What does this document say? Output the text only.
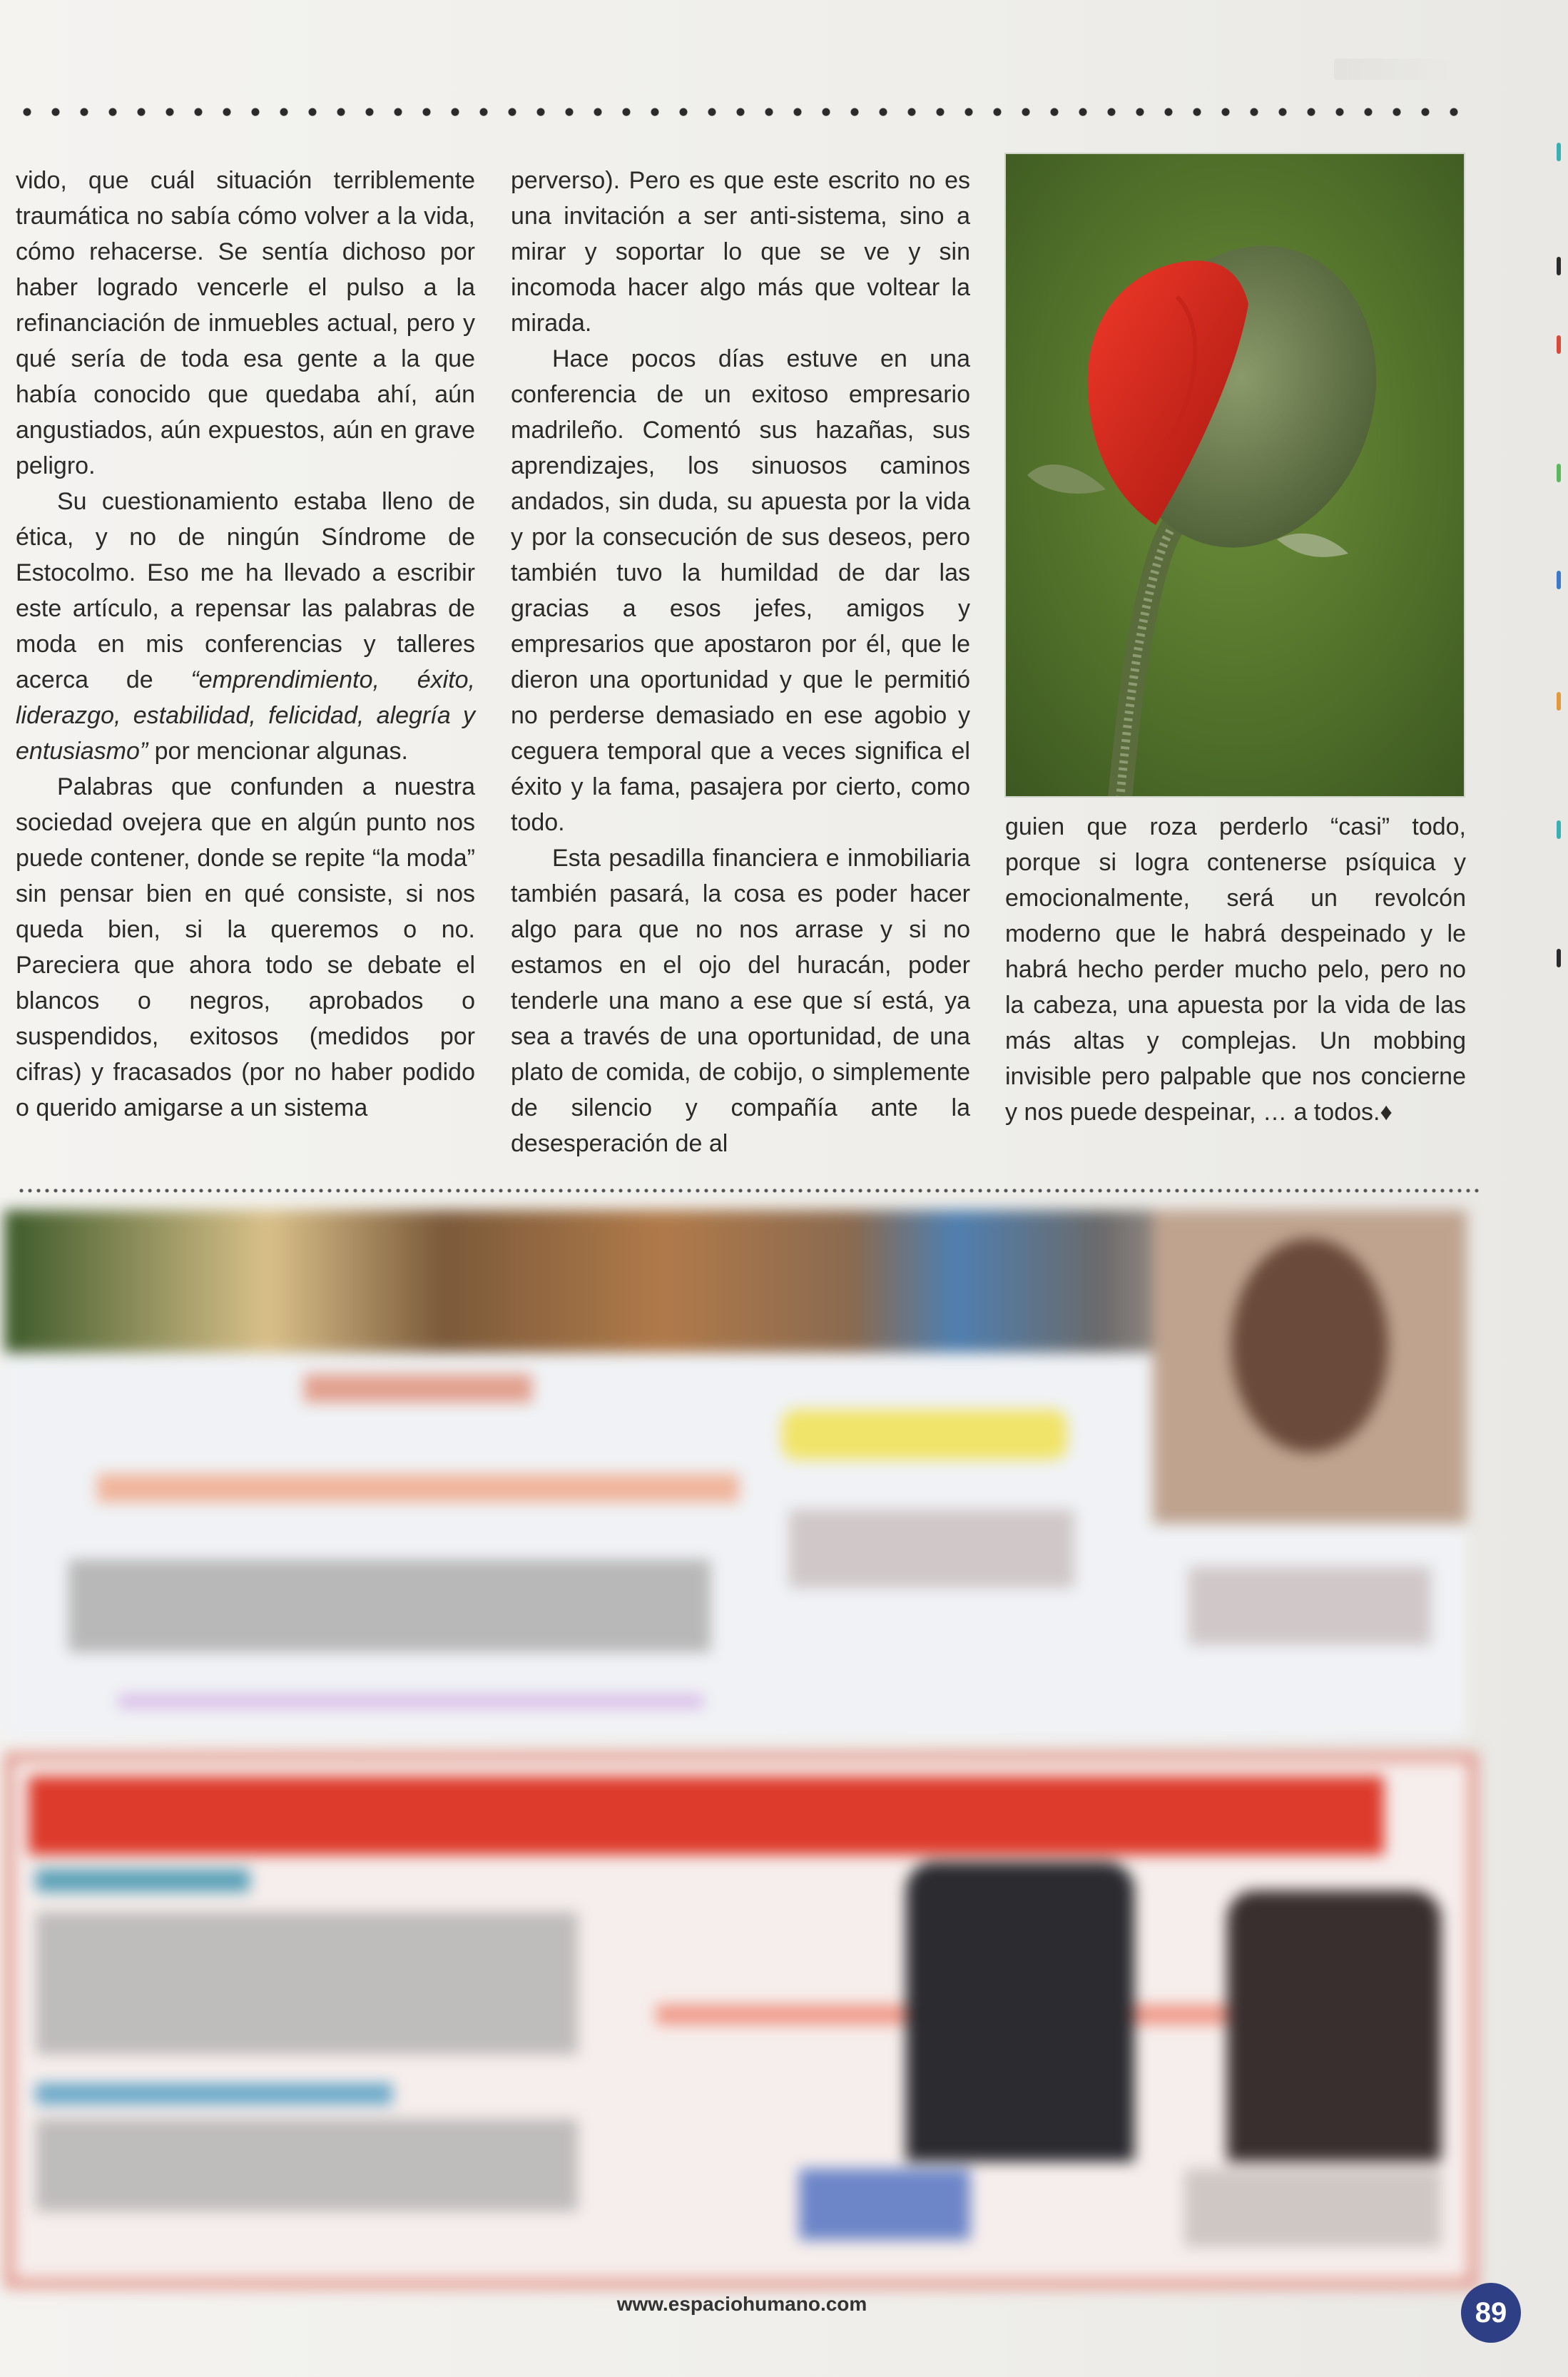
vido, que cuál situación terriblemente traumática no sabía cómo volver a la vida, cómo rehacerse. Se sentía dichoso por haber logrado vencerle el pulso a la refinanciación de inmuebles actual, pero y qué sería de toda esa gente a la que había conocido que quedaba ahí, aún angustiados, aún expuestos, aún en grave peligro.

Su cuestionamiento estaba lleno de ética, y no de ningún Síndrome de Estocolmo. Eso me ha llevado a escribir este artículo, a repensar las palabras de moda en mis conferencias y talleres acerca de “emprendimiento, éxito, liderazgo, estabilidad, felicidad, alegría y entusiasmo” por mencionar algunas.

Palabras que confunden a nuestra sociedad ovejera que en algún punto nos puede contener, donde se repite “la moda” sin pensar bien en qué consiste, si nos queda bien, si la queremos o no. Pareciera que ahora todo se debate el blancos o negros, aprobados o suspendidos, exitosos (medidos por cifras) y fracasados (por no haber podido o querido amigarse a un sistema

perverso). Pero es que este escrito no es una invitación a ser anti-sistema, sino a mirar y soportar lo que se ve y sin incomoda hacer algo más que voltear la mirada.

Hace pocos días estuve en una conferencia de un exitoso empresario madrileño. Comentó sus hazañas, sus aprendizajes, los sinuosos caminos andados, sin duda, su apuesta por la vida y por la consecución de sus deseos, pero también tuvo la humildad de dar las gracias a esos jefes, amigos y empresarios que apostaron por él, que le dieron una oportunidad y que le permitió no perderse demasiado en ese agobio y ceguera temporal que a veces significa el éxito y la fama, pasajera por cierto, como todo.

Esta pesadilla financiera e inmobiliaria también pasará, la cosa es poder hacer algo para que no nos arrase y si no estamos en el ojo del huracán, poder tenderle una mano a ese que sí está, ya sea a través de una oportunidad, de una plato de comida, de cobijo, o simplemente de silencio y compañía ante la desesperación de al

guien que roza perderlo “casi” todo, porque si logra contenerse psíquica y emocionalmente, será un revolcón moderno que le habrá despeinado y le habrá hecho perder mucho pelo, pero no la cabeza, una apuesta por la vida de las más altas y complejas. Un mobbing invisible pero palpable que nos concierne y nos puede despeinar, … a todos.♦

www.espaciohumano.com	89
